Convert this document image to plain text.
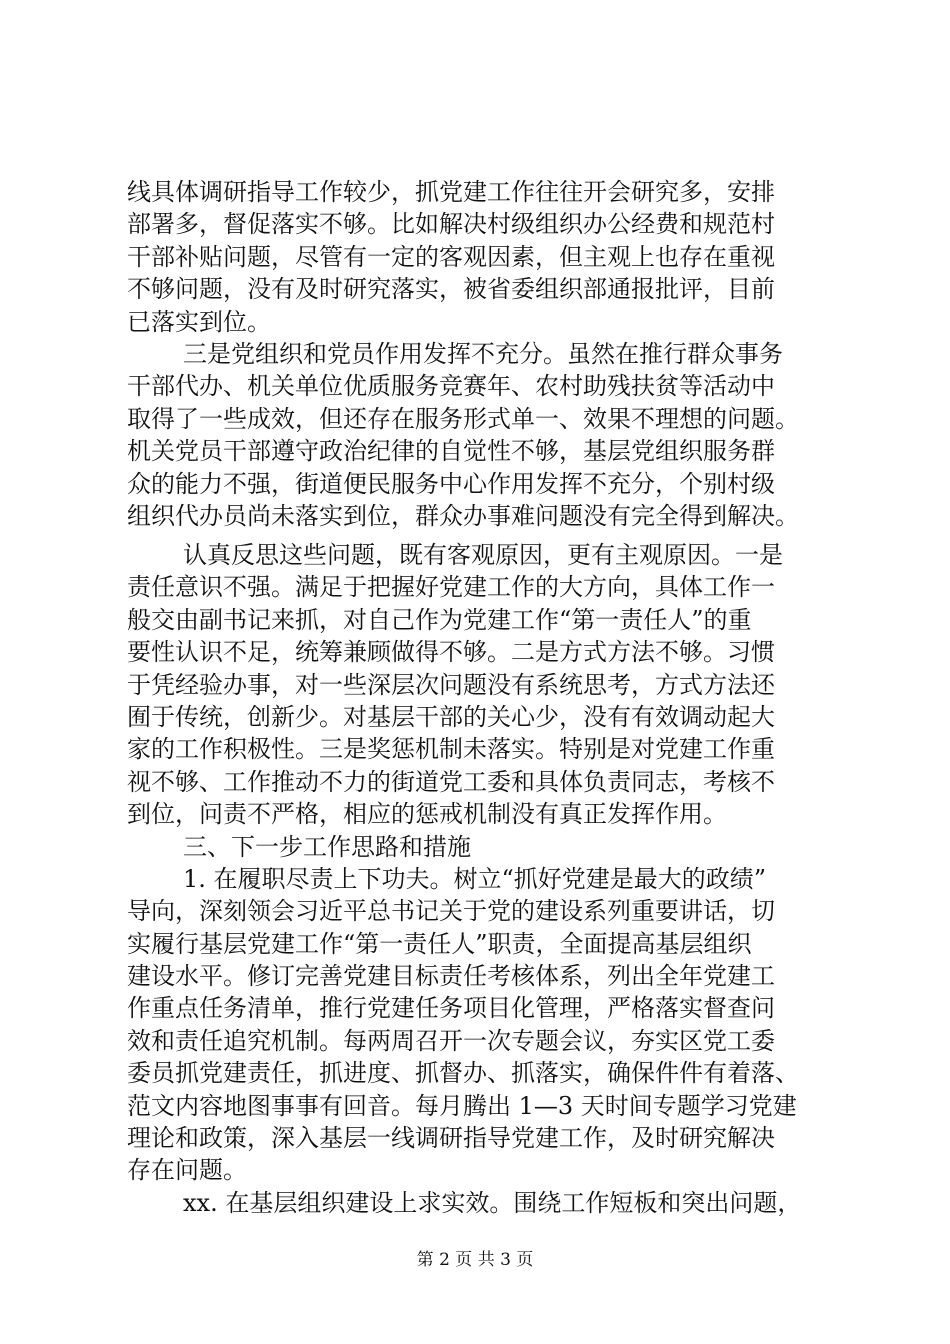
线具体调研指导工作较少，抓党建工作往往开会研究多，安排
部署多，督促落实不够。比如解决村级组织办公经费和规范村
干部补贴问题，尽管有一定的客观因素，但主观上也存在重视
不够问题，没有及时研究落实，被省委组织部通报批评，目前
已落实到位。
三是党组织和党员作用发挥不充分。虽然在推行群众事务
干部代办、机关单位优质服务竞赛年、农村助残扶贫等活动中
取得了一些成效，但还存在服务形式单一、效果不理想的问题。
机关党员干部遵守政治纪律的自觉性不够，基层党组织服务群
众的能力不强，街道便民服务中心作用发挥不充分，个别村级
组织代办员尚未落实到位，群众办事难问题没有完全得到解决。
认真反思这些问题，既有客观原因，更有主观原因。一是
责任意识不强。满足于把握好党建工作的大方向，具体工作一
般交由副书记来抓，对自己作为党建工作“第一责任人”的重
要性认识不足，统筹兼顾做得不够。二是方式方法不够。习惯
于凭经验办事，对一些深层次问题没有系统思考，方式方法还
囿于传统，创新少。对基层干部的关心少，没有有效调动起大
家的工作积极性。三是奖惩机制未落实。特别是对党建工作重
视不够、工作推动不力的街道党工委和具体负责同志，考核不
到位，问责不严格，相应的惩戒机制没有真正发挥作用。
三、下一步工作思路和措施
1. 在履职尽责上下功夫。树立“抓好党建是最大的政绩”
导向，深刻领会习近平总书记关于党的建设系列重要讲话，切
实履行基层党建工作“第一责任人”职责，全面提高基层组织
建设水平。修订完善党建目标责任考核体系，列出全年党建工
作重点任务清单，推行党建任务项目化管理，严格落实督查问
效和责任追究机制。每两周召开一次专题会议，夯实区党工委
委员抓党建责任，抓进度、抓督办、抓落实，确保件件有着落、
范文内容地图事事有回音。每月腾出 1—3 天时间专题学习党建
理论和政策，深入基层一线调研指导党建工作，及时研究解决
存在问题。
xx. 在基层组织建设上求实效。围绕工作短板和突出问题，
第 2 页 共 3 页
